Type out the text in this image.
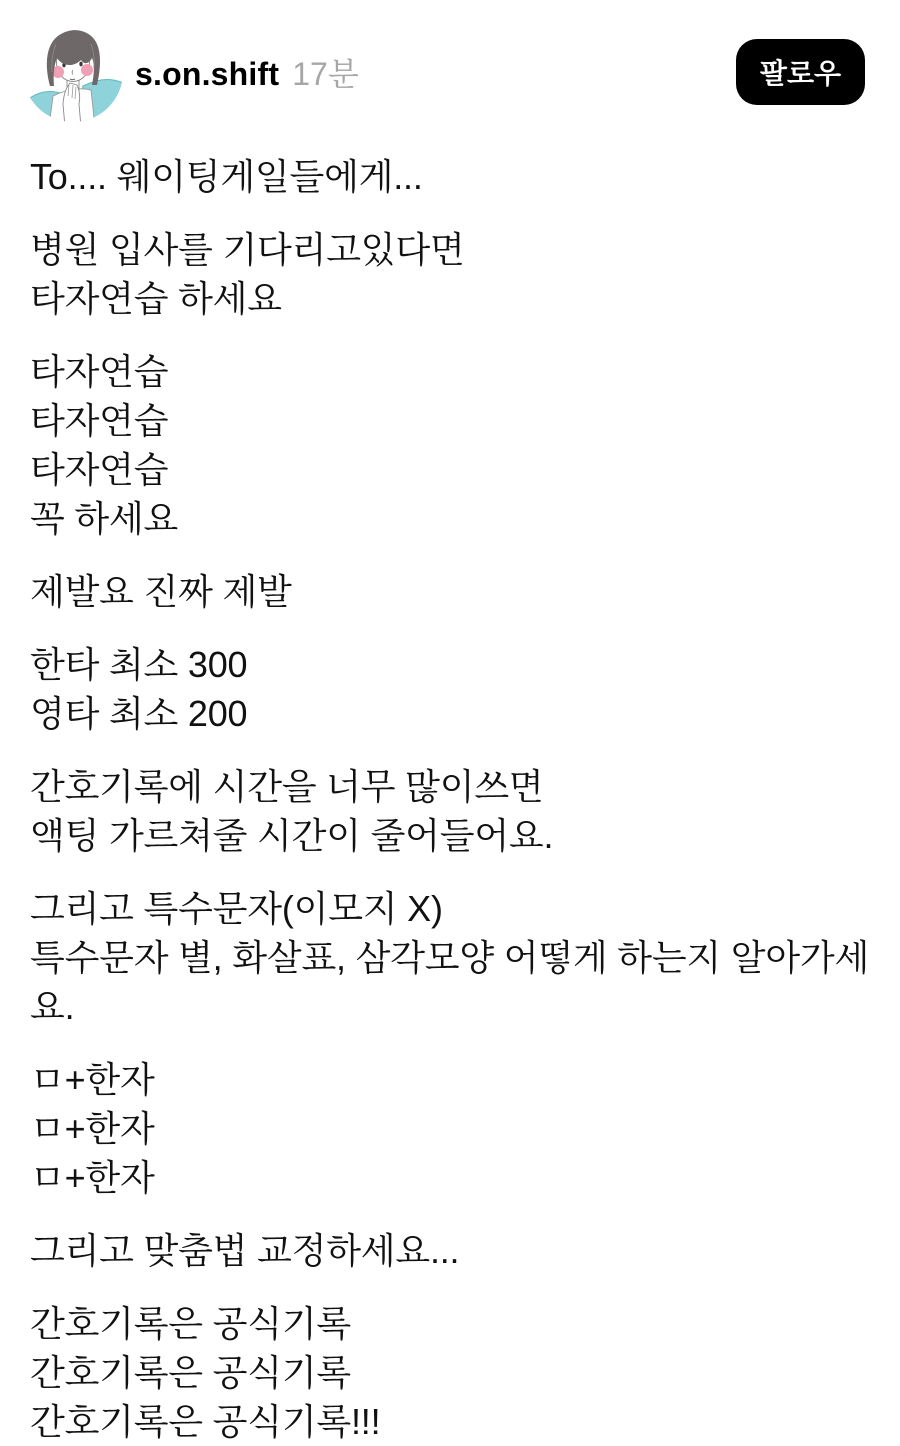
s.on.shift 17분	팔로우

To.... 웨이팅게일들에게...

병원 입사를 기다리고있다면
타자연습 하세요

타자연습
타자연습
타자연습
꼭 하세요

제발요 진짜 제발

한타 최소 300
영타 최소 200

간호기록에 시간을 너무 많이쓰면
액팅 가르쳐줄 시간이 줄어들어요.

그리고 특수문자(이모지 X)
특수문자 별, 화살표, 삼각모양 어떻게 하는지 알아가세요.

ㅁ+한자
ㅁ+한자
ㅁ+한자

그리고 맞춤법 교정하세요...

간호기록은 공식기록
간호기록은 공식기록
간호기록은 공식기록!!!
